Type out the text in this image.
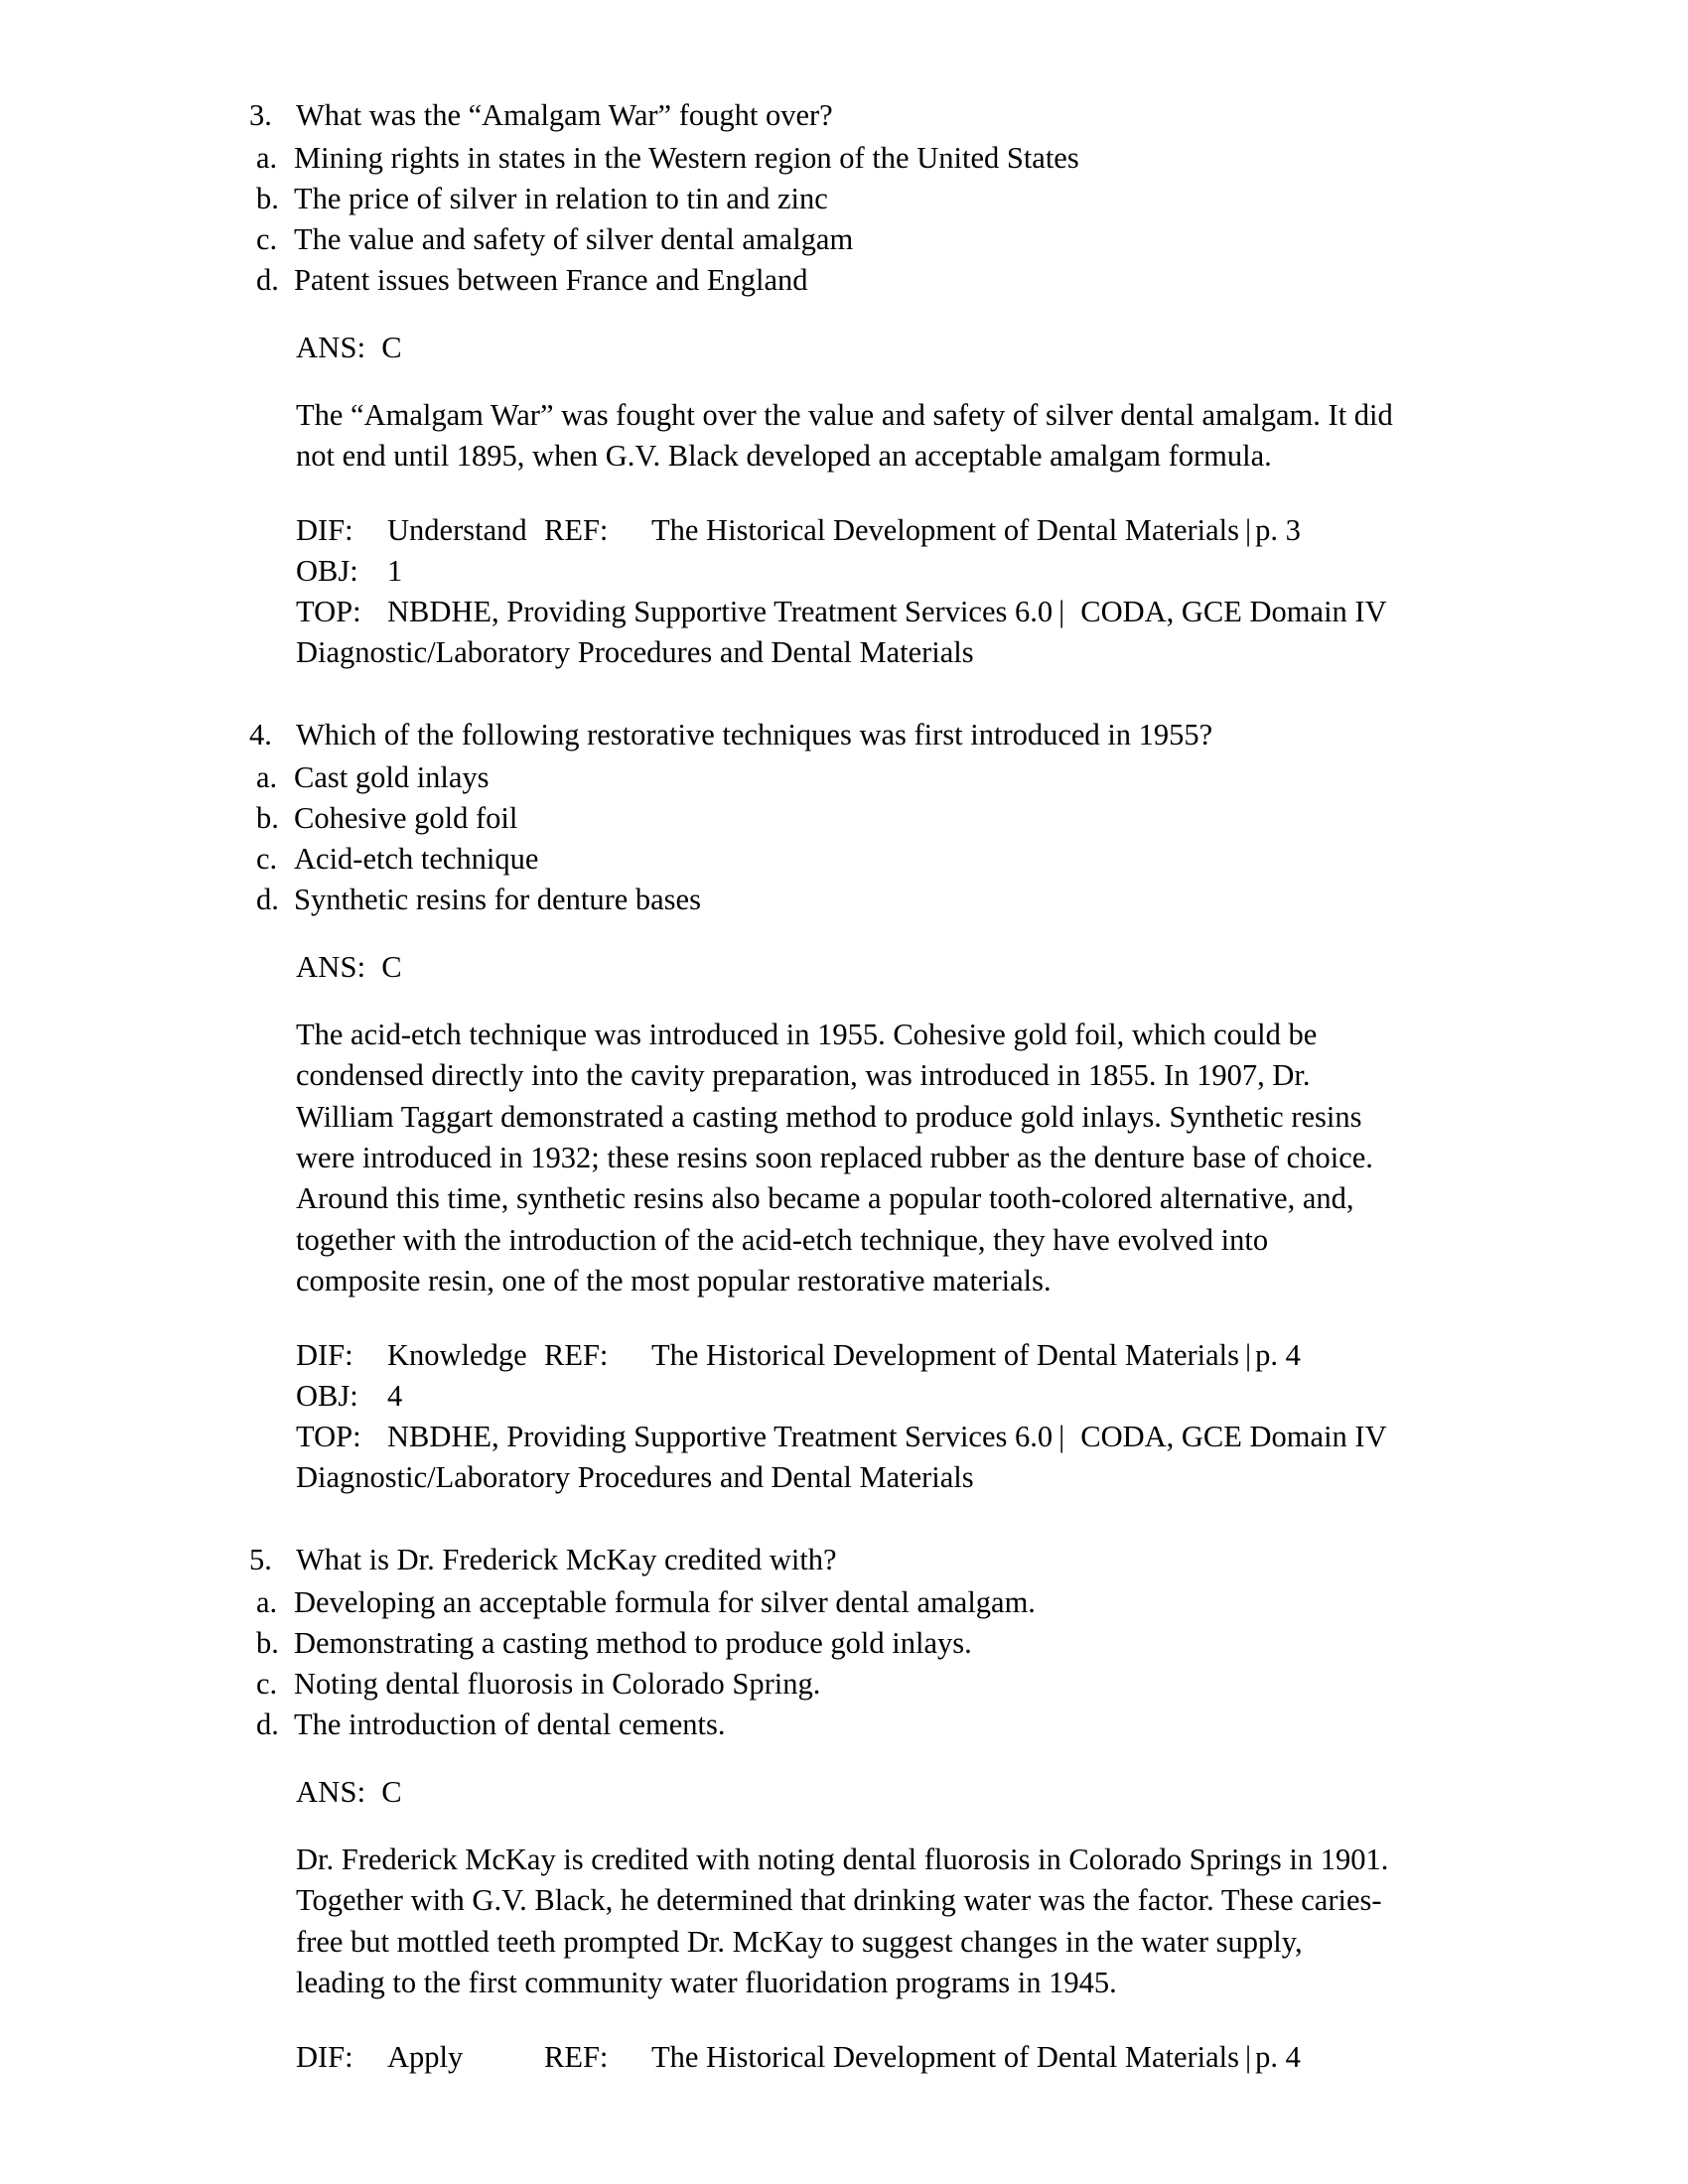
3. What was the “Amalgam War” fought over?
a. Mining rights in states in the Western region of the United States
b. The price of silver in relation to tin and zinc
c. The value and safety of silver dental amalgam
d. Patent issues between France and England
ANS: C
The “Amalgam War” was fought over the value and safety of silver dental amalgam. It did not end until 1895, when G.V. Black developed an acceptable amalgam formula.
DIF:	Understand REF:	The Historical Development of Dental Materials | p. 3
OBJ: 1
TOP: NBDHE, Providing Supportive Treatment Services 6.0 | CODA, GCE Domain IV
Diagnostic/Laboratory Procedures and Dental Materials
4. Which of the following restorative techniques was first introduced in 1955?
a. Cast gold inlays
b. Cohesive gold foil
c. Acid-etch technique
d. Synthetic resins for denture bases
ANS: C
The acid-etch technique was introduced in 1955. Cohesive gold foil, which could be condensed directly into the cavity preparation, was introduced in 1855. In 1907, Dr. William Taggart demonstrated a casting method to produce gold inlays. Synthetic resins were introduced in 1932; these resins soon replaced rubber as the denture base of choice. Around this time, synthetic resins also became a popular tooth-colored alternative, and, together with the introduction of the acid-etch technique, they have evolved into composite resin, one of the most popular restorative materials.
DIF:	Knowledge REF:	The Historical Development of Dental Materials | p. 4
OBJ: 4
TOP: NBDHE, Providing Supportive Treatment Services 6.0 | CODA, GCE Domain IV
Diagnostic/Laboratory Procedures and Dental Materials
5. What is Dr. Frederick McKay credited with?
a. Developing an acceptable formula for silver dental amalgam.
b. Demonstrating a casting method to produce gold inlays.
c. Noting dental fluorosis in Colorado Spring.
d. The introduction of dental cements.
ANS: C
Dr. Frederick McKay is credited with noting dental fluorosis in Colorado Springs in 1901. Together with G.V. Black, he determined that drinking water was the factor. These caries-free but mottled teeth prompted Dr. McKay to suggest changes in the water supply, leading to the first community water fluoridation programs in 1945.
DIF:	Apply	REF:	The Historical Development of Dental Materials | p. 4
